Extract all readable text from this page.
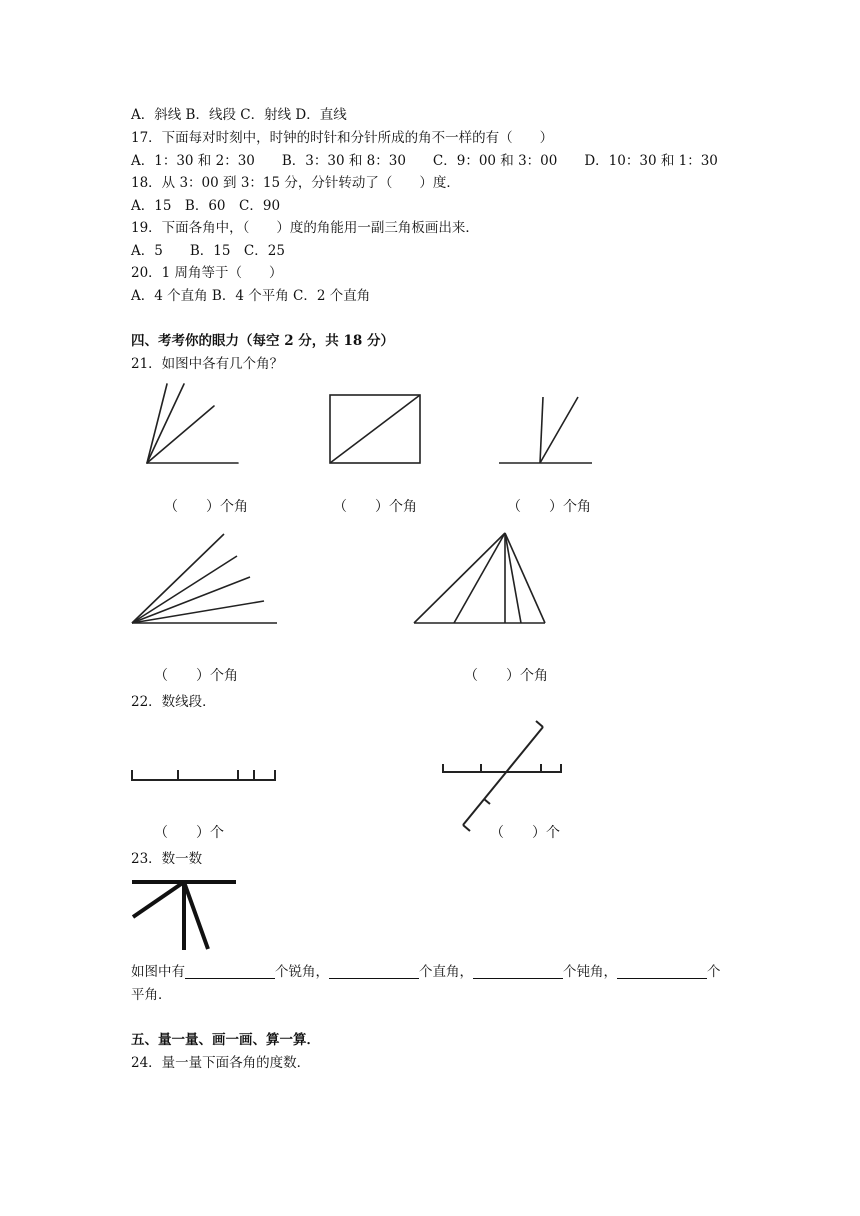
A．斜线 B．线段 C．射线 D．直线
17．下面每对时刻中，时钟的时针和分针所成的角不一样的有（　　）
A．1：30 和 2：30　　B．3：30 和 8：30　　C．9：00 和 3：00　　D．10：30 和 1：30
18．从 3：00 到 3：15 分，分针转动了（　　）度．
A．15　B．60　C．90
19．下面各角中，（　　）度的角能用一副三角板画出来．
A．5　　B．15　C．25
20．1 周角等于（　　）
A．4 个直角 B．4 个平角 C．2 个直角
四、考考你的眼力（每空 2 分，共 18 分）
21．如图中各有几个角？
（　　）个角	（　　）个角	（　　）个角
（　　）个角	（　　）个角
22．数线段．
（　　）个	（　　）个
23．数一数
如图中有	个锐角，	个直角，	个钝角，	个
平角．
五、量一量、画一画、算一算．
24．量一量下面各角的度数．
